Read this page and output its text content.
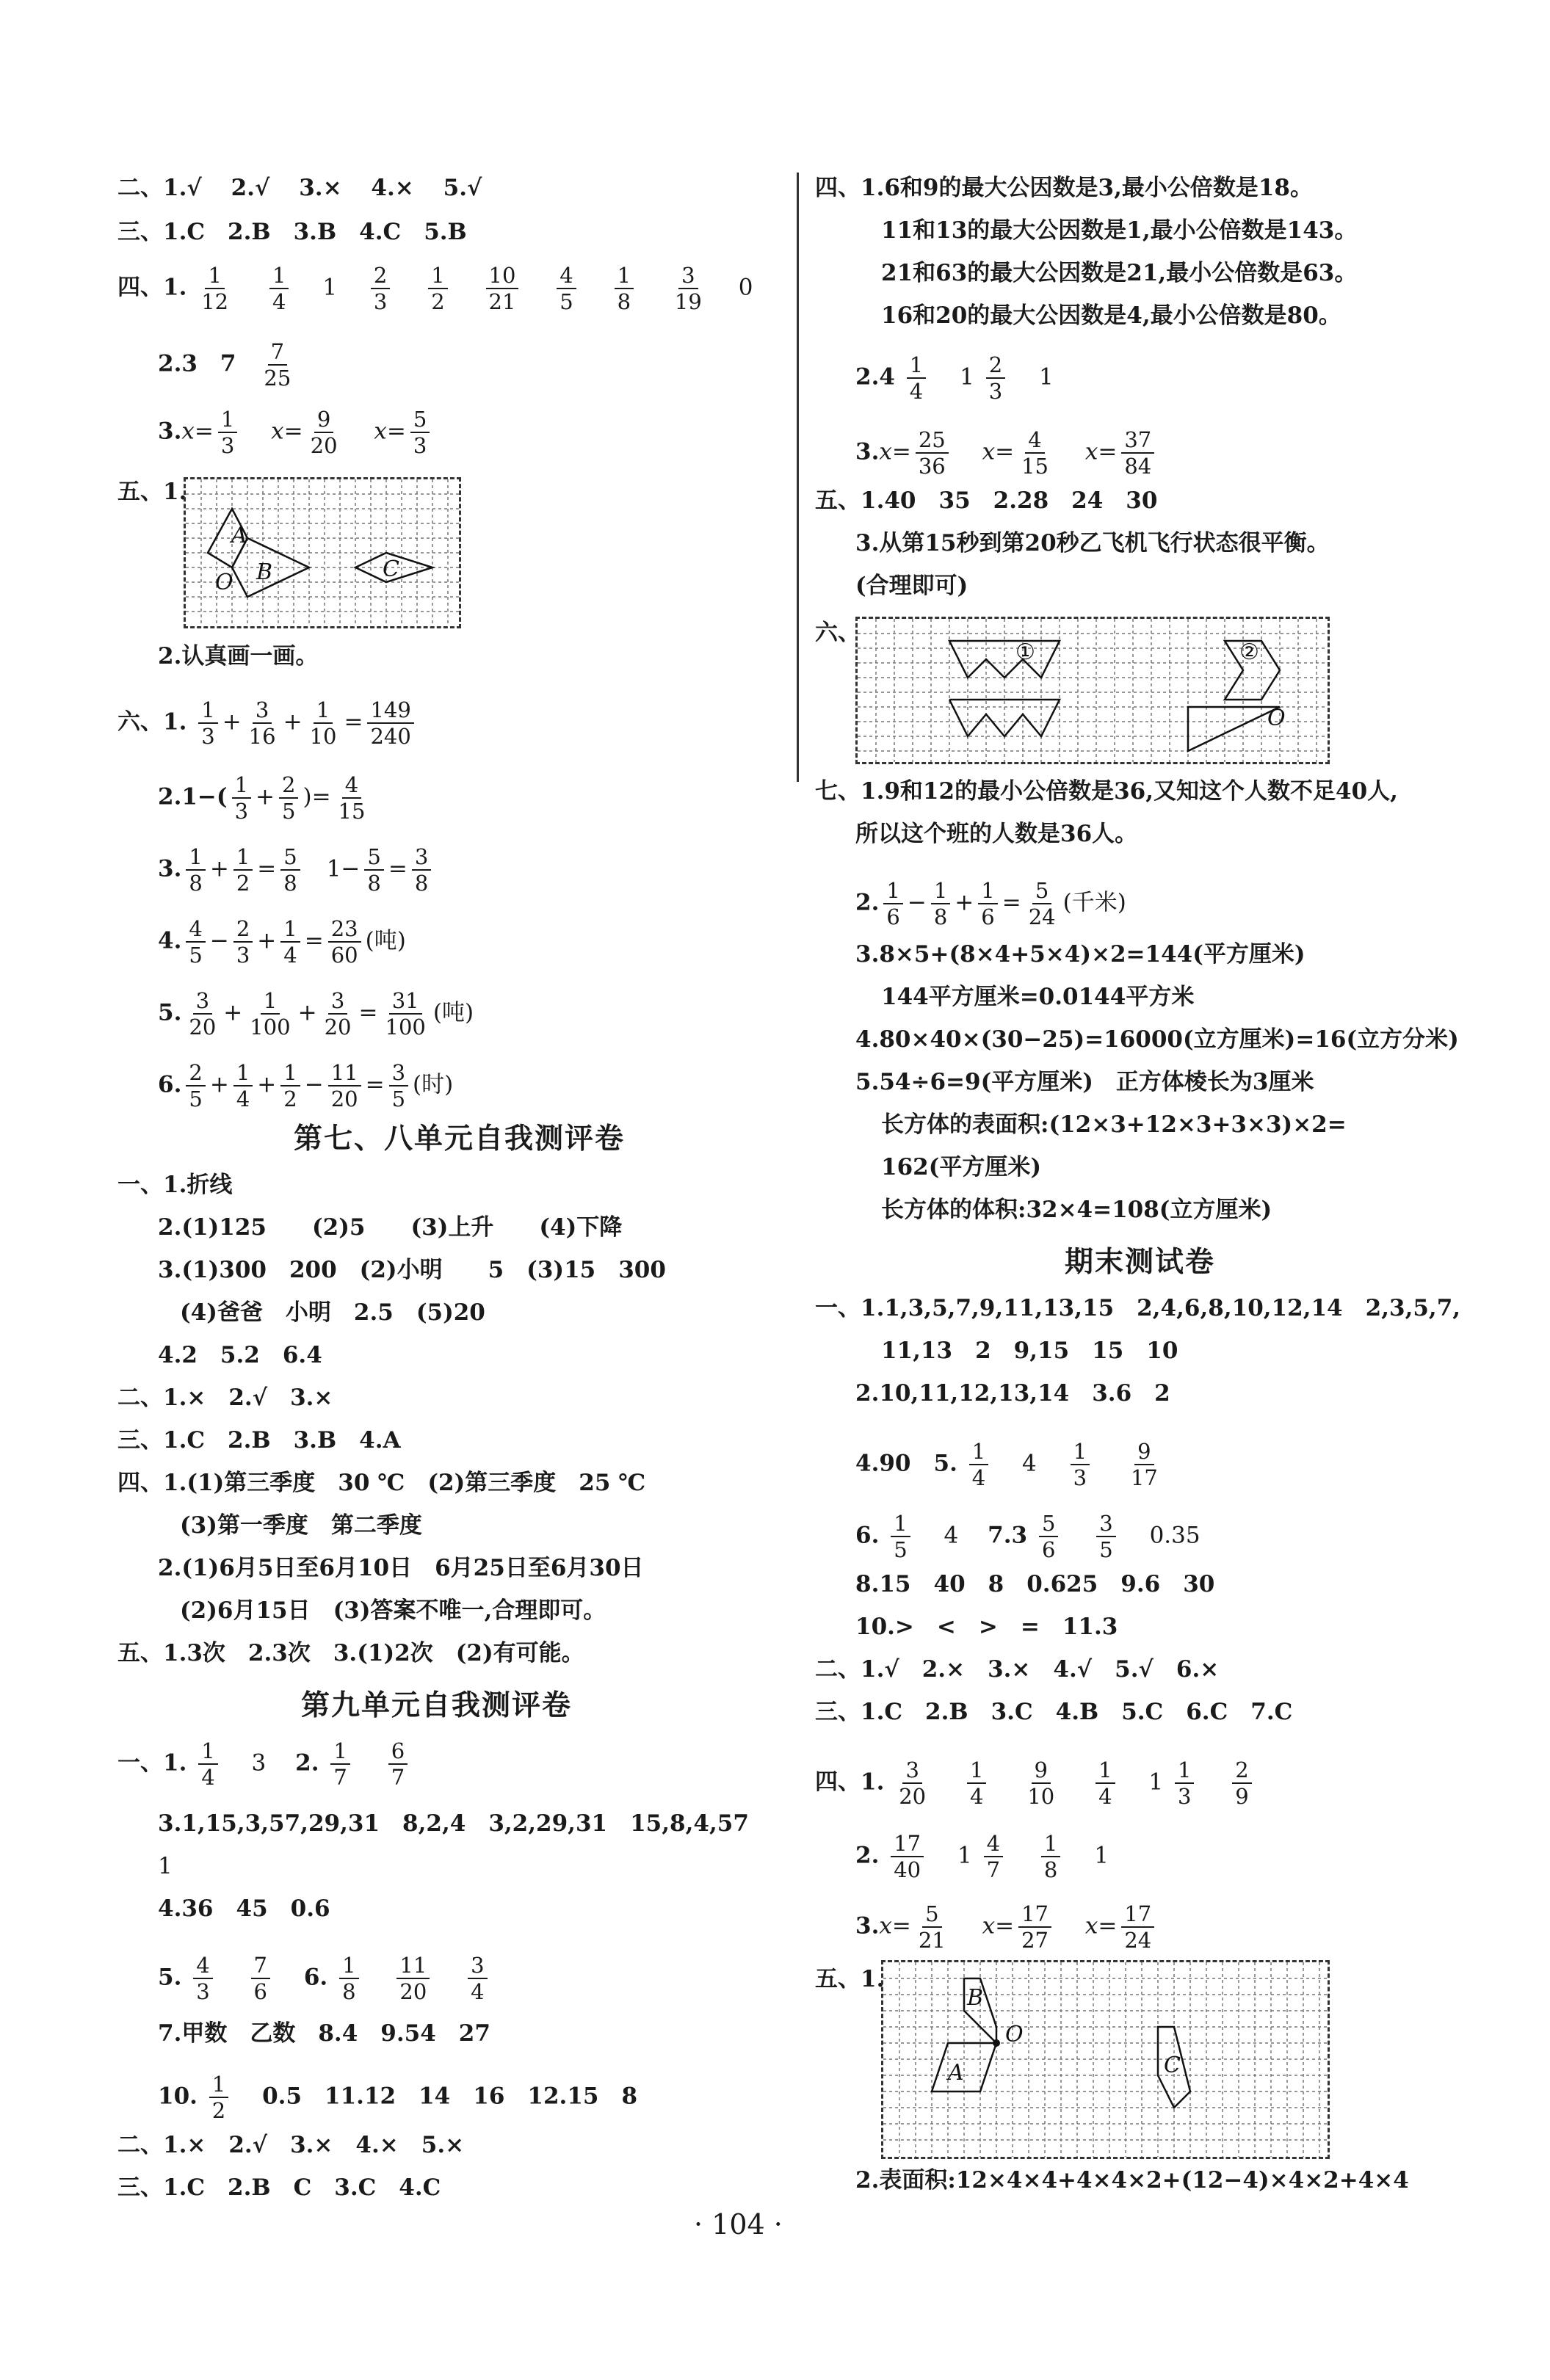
二、1.√ 2.√ 3.× 4.× 5.√
三、1.C　2.B　3.B　4.C　5.B
四、1. $\frac{1}{12}$
$\frac{1}{4} 1 \frac{2}{3}$
$\frac{1}{2}$
$\frac{10}{21}$
$\frac{4}{5}$
$\frac{1}{8}$
$\frac{3}{19} 0$
2.3　$7 \frac{7}{25}$
$3.x= \frac{1}{3} x= \frac{9}{20} x= \frac{5}{3}$
五、1.
A
B
O
C
2.认真画一画。
六、1. $\frac{1}{3} + \frac{3}{16} + \frac{1}{10} = \frac{149}{240}$
$2.1-( \frac{1}{3} + \frac{2}{5}$ )= $\frac{4}{15}$
3. $\frac{1}{8} + \frac{1}{2} = \frac{5}{8} 1- \frac{5}{8} = \frac{3}{8}$
4. $\frac{4}{5} - \frac{2}{3} + \frac{1}{4} = \frac{23}{60}$ (吨)
5. $\frac{3}{20} + \frac{1}{100} + \frac{3}{20} = \frac{31}{100}$ (吨)
6. $\frac{2}{5} + \frac{1}{4} + \frac{1}{2} - \frac{11}{20} = \frac{3}{5}$ (时)
第七、八单元自我测评卷
一、1.折线
2.(1)125　　(2)5　　(3)上升　　(4)下降
3.(1)300　200　(2)小明　　5　(3)15　300
(4)爸爸　小明　2.5　(5)20
4.2　5.2　6.4
二、1.×　2.√　3.×
三、1.C　2.B　3.B　4.A
四、1.(1)第三季度　30 ℃　(2)第三季度　25 ℃
(3)第一季度　第二季度
2.(1)6月5日至6月10日　6月25日至6月30日
(2)6月15日　(3)答案不唯一,合理即可。
五、1.3次　2.3次　3.(1)2次　(2)有可能。
第九单元自我测评卷
一、1. $\frac{1}{4} 3$ 2. $\frac{1}{7}$
$\frac{6}{7}$
3.1,15,3,57,29,31　8,2,4　3,2,29,31　15,8,4,57
1
4.36　45　0.6
5. $\frac{4}{3}$
$\frac{7}{6} 6$. $\frac{1}{8}$
$\frac{11}{20}$
$\frac{3}{4}$
7.甲数　乙数　8.4　9.54　27
10. $\frac{1}{2} 0.5$　11.12　14　16　12.15　8
二、1.×　2.√　3.×　4.×　5.×
三、1.C　2.B　C　3.C　4.C
四、1.6和9的最大公因数是3,最小公倍数是18。
11和13的最大公因数是1,最小公倍数是143。
21和63的最大公因数是21,最小公倍数是63。
16和20的最大公因数是4,最小公倍数是80。
$2.4 \frac{1}{4} 1 \frac{2}{3} 1$
$3.x= \frac{25}{36} x= \frac{4}{15} x= \frac{37}{84}$
五、1.40　35　2.28　24　30
3.从第15秒到第20秒乙飞机飞行状态很平衡。
(合理即可)
六、
①	②
O
七、1.9和12的最小公倍数是36,又知这个人数不足40人,
所以这个班的人数是36人。
2. $\frac{1}{6} - \frac{1}{8} + \frac{1}{6} = \frac{5}{24}$ (千米)
3.8×5+(8×4+5×4)×2=144(平方厘米)
144平方厘米=0.0144平方米
4.80×40×(30−25)=16000(立方厘米)=16(立方分米)
5.54÷6=9(平方厘米)　正方体棱长为3厘米
长方体的表面积:(12×3+12×3+3×3)×2=
162(平方厘米)
长方体的体积:32×4=108(立方厘米)
期末测试卷
一、1.1,3,5,7,9,11,13,15　2,4,6,8,10,12,14　2,3,5,7,
11,13　2　9,15　15　10
2.10,11,12,13,14　3.6　2
4.90　5. $\frac{1}{4} 4 \frac{1}{3}$
$\frac{9}{17}$
6. $\frac{1}{5} 4$ $7.3 \frac{5}{6}$
$\frac{3}{5} 0.35$
8.15　40　8　0.625　9.6　30
10.>　<　>　=　11.3
二、1.√　2.×　3.×　4.√　5.√　6.×
三、1.C　2.B　3.C　4.B　5.C　6.C　7.C
四、1. $\frac{3}{20}$
$\frac{1}{4}$
$\frac{9}{10}$
$\frac{1}{4} 1 \frac{1}{3}$
$\frac{2}{9}$
2. $\frac{17}{40} 1 \frac{4}{7}$
$\frac{1}{8} 1$
$3.x= \frac{5}{21} x= \frac{17}{27} x= \frac{17}{24}$
五、1.
B
O
A	C
2.表面积:12×4×4+4×4×2+(12−4)×4×2+4×4
· 104 ·
